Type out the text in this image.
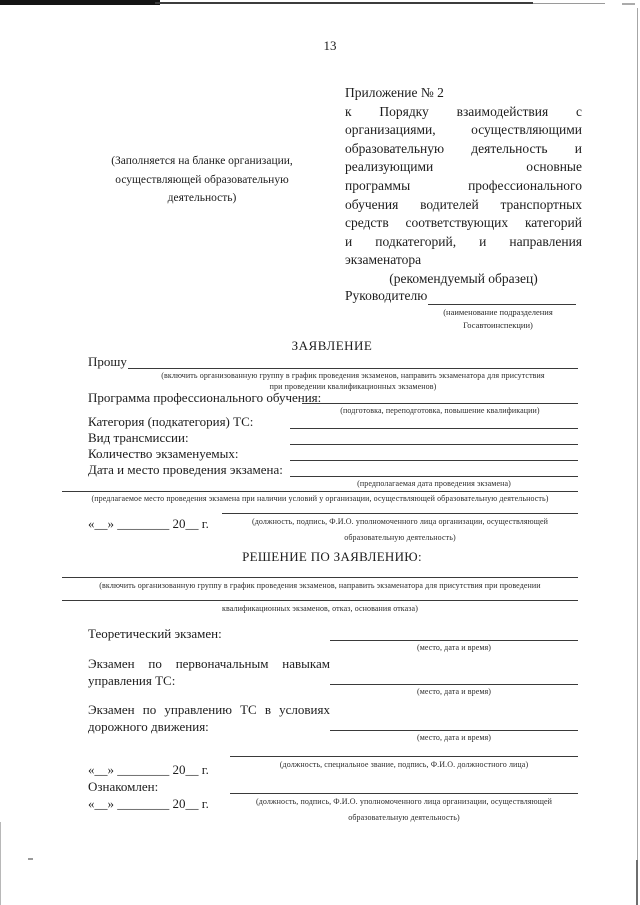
13
(Заполняется на бланке организации,
осуществляющей образовательную
деятельность)
Приложение № 2
к Порядку взаимодействия с
организациями, осуществляющими
образовательную деятельность и
реализующими основные
программы профессионального
обучения водителей транспортных
средств соответствующих категорий
и подкатегорий, и направления
экзаменатора
(рекомендуемый образец)
Руководителю
(наименование подразделения
Госавтоинспекции)
ЗАЯВЛЕНИЕ
Прошу
(включить организованную группу в график проведения экзаменов, направить экзаменатора для присутствия
при проведении квалификационных экзаменов)
Программа профессионального обучения:
(подготовка, переподготовка, повышение квалификации)
Категория (подкатегория) ТС:
Вид трансмиссии:
Количество экзаменуемых:
Дата и место проведения экзамена:
(предполагаемая дата проведения экзамена)
(предлагаемое место проведения экзамена при наличии условий у организации, осуществляющей образовательную деятельность)
«__» ________ 20__ г.	(должность, подпись, Ф.И.О. уполномоченного лица организации, осуществляющей
образовательную деятельность)
РЕШЕНИЕ ПО ЗАЯВЛЕНИЮ:
(включить организованную группу в график проведения экзаменов, направить экзаменатора для присутствия при проведении
квалификационных экзаменов, отказ, основания отказа)
Теоретический экзамен:
(место, дата и время)
Экзамен по первоначальным навыкам
управления ТС:
(место, дата и время)
Экзамен по управлению ТС в условиях
дорожного движения:
(место, дата и время)
(должность, специальное звание, подпись, Ф.И.О. должностного лица)
«__» ________ 20__ г.
Ознакомлен:
(должность, подпись, Ф.И.О. уполномоченного лица организации, осуществляющей
образовательную деятельность)
«__» ________ 20__ г.
